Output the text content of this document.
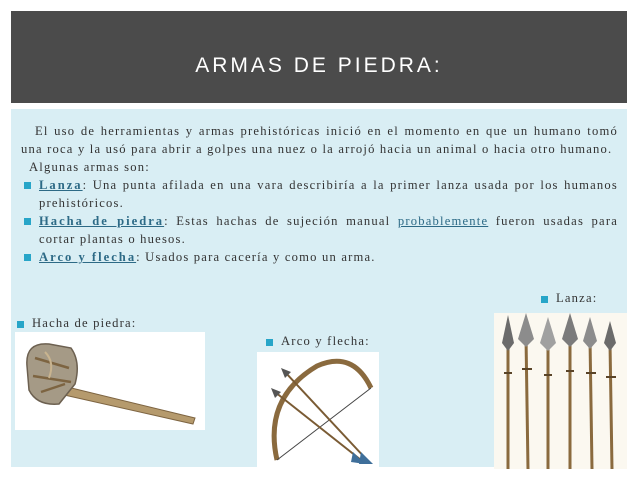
ARMAS DE PIEDRA:

El uso de herramientas y armas prehistóricas inició en el momento en que un humano tomó una roca y la usó para abrir a golpes una nuez o la arrojó hacia un animal o hacia otro humano.

Algunas armas son:

Lanza: Una punta afilada en una vara describiría a la primer lanza usada por los humanos prehistóricos.
Hacha de piedra: Estas hachas de sujeción manual probablemente fueron usadas para cortar plantas o huesos.
Arco y flecha: Usados para cacería y como un arma.
Lanza:
Hacha de piedra:
Arco y flecha:
